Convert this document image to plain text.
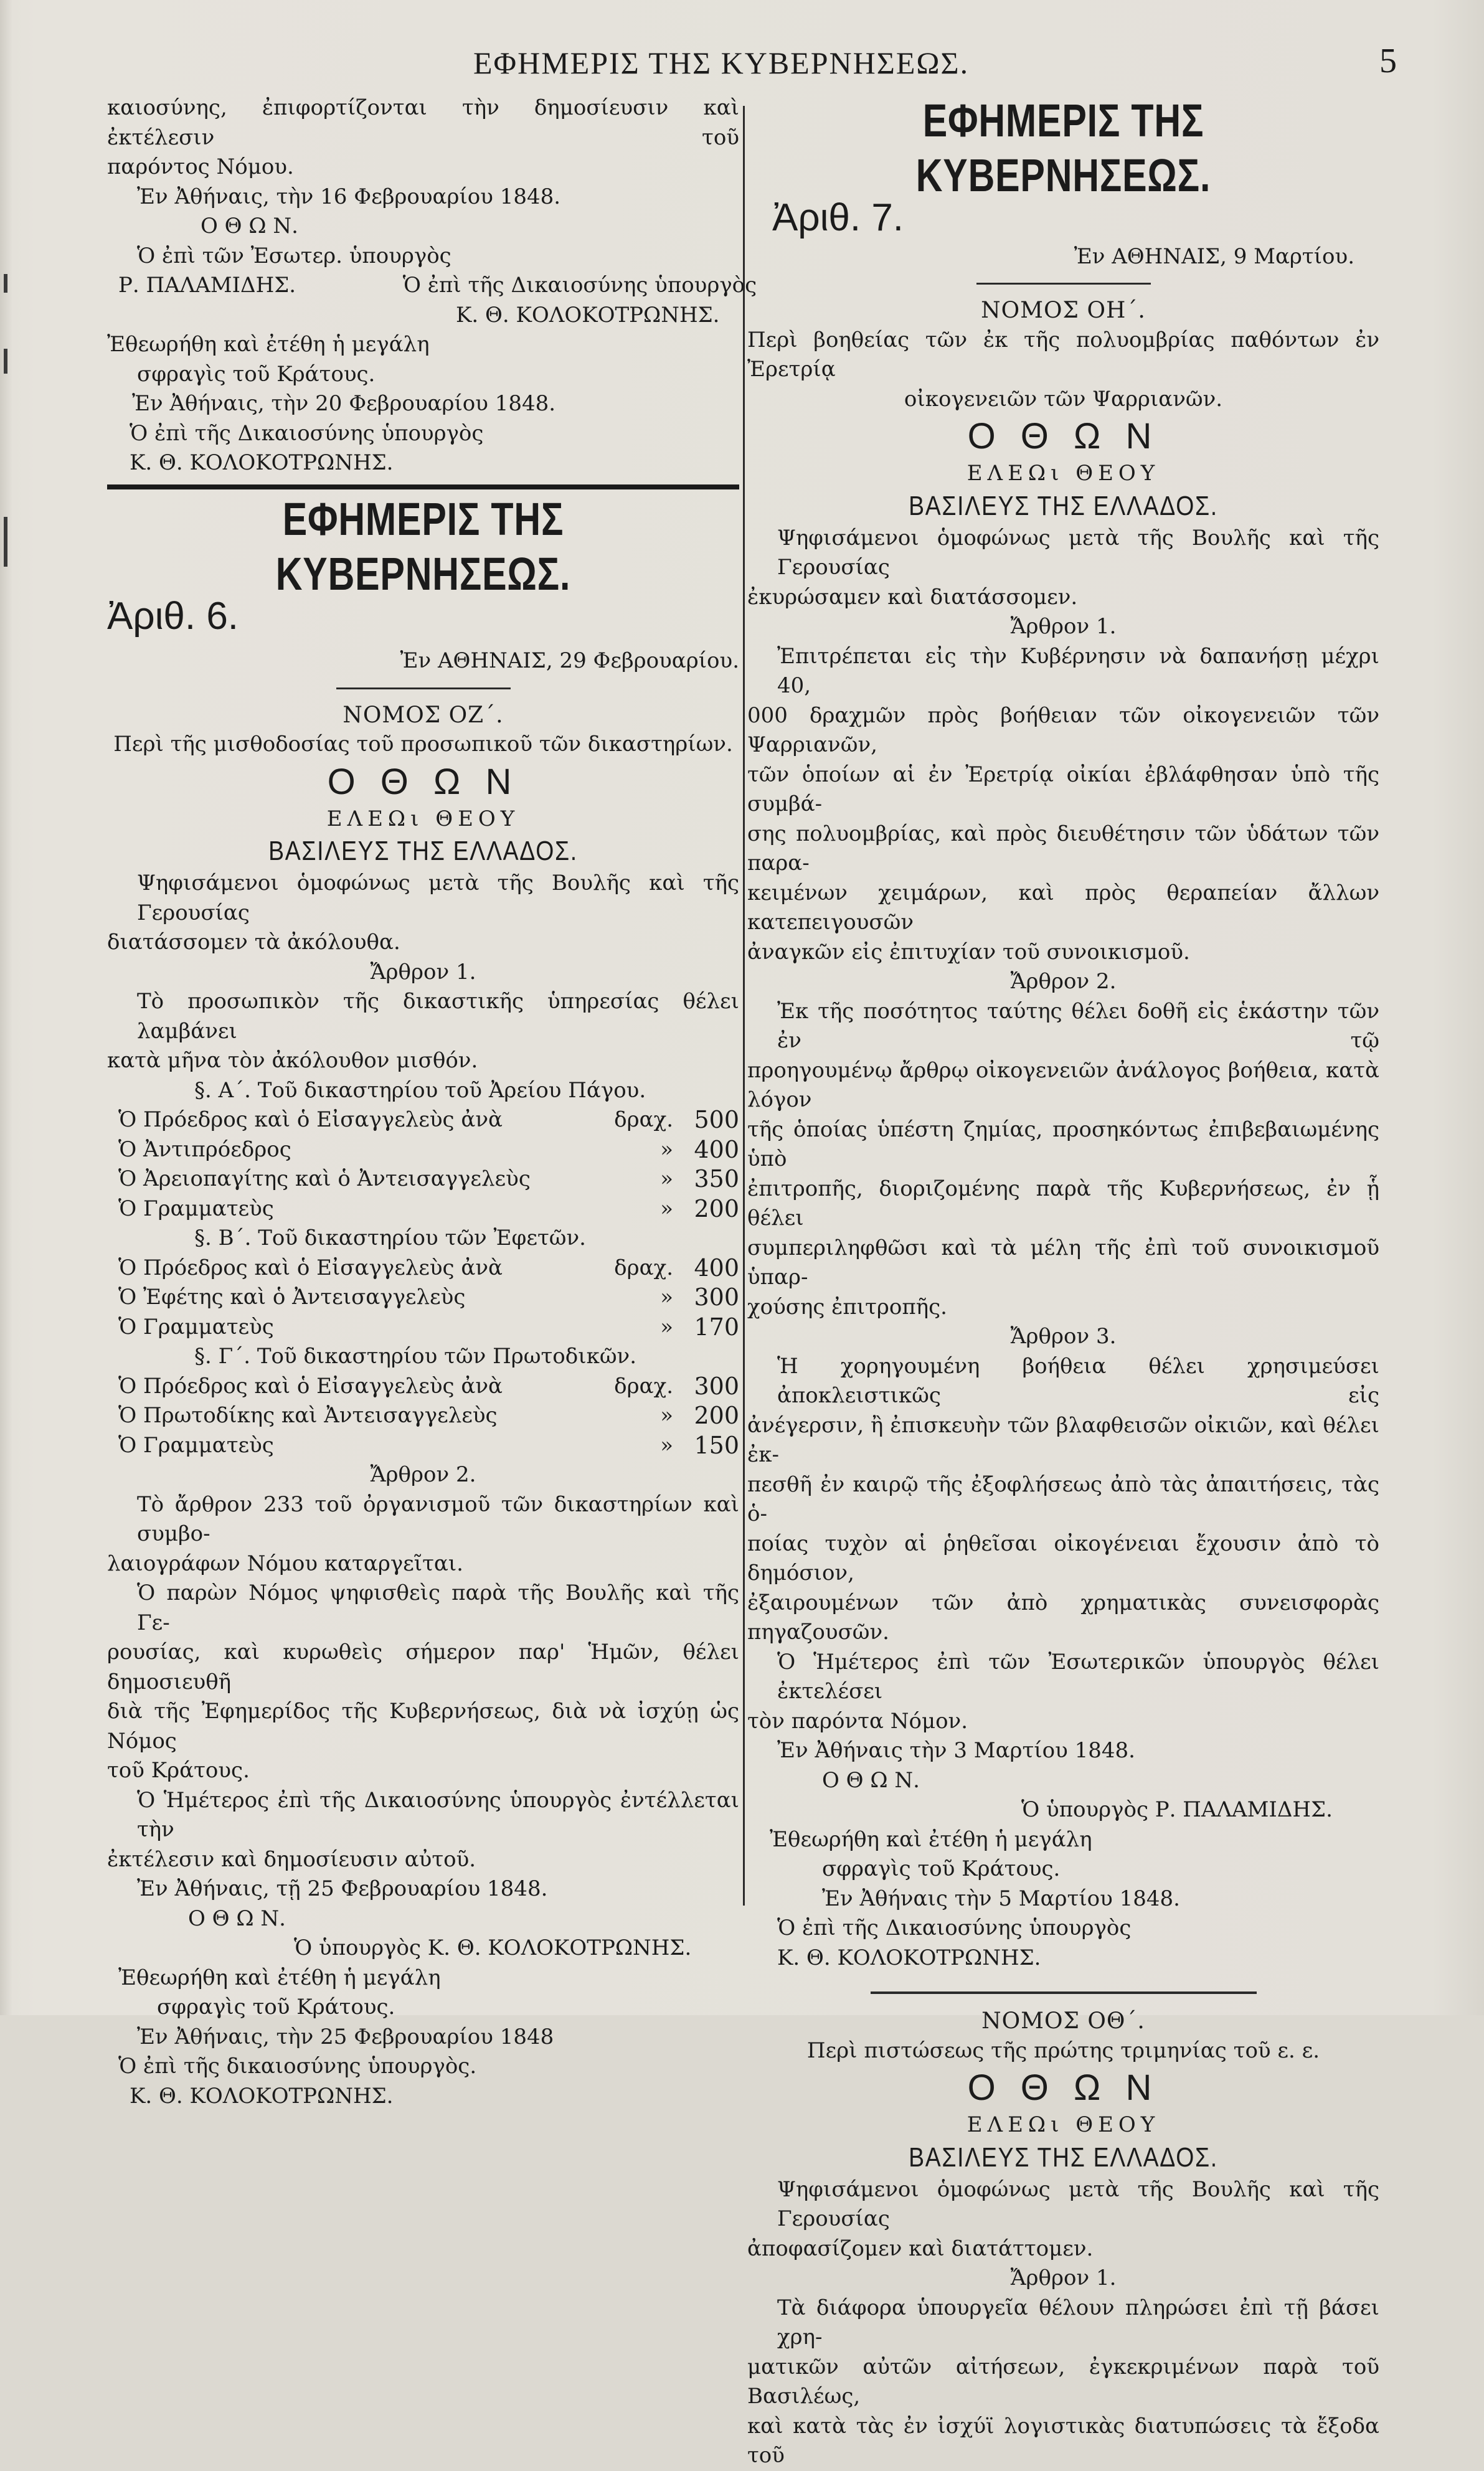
ΕΦΗΜΕΡΙΣ ΤΗΣ ΚΥΒΕΡΝΗΣΕΩΣ.	5
καιοσύνης, ἐπιφορτίζονται τὴν δημοσίευσιν καὶ ἐκτέλεσιν τοῦ
παρόντος Νόμου.
Ἐν Ἀθήναις, τὴν 16 Φεβρουαρίου 1848.
Ο Θ Ω Ν.
Ὁ ἐπὶ τῶν Ἐσωτερ. ὑπουργὸς
Ρ. ΠΑΛΑΜΙΔΗΣ.	Ὁ ἐπὶ τῆς Δικαιοσύνης ὑπουργὸς
Κ. Θ. ΚΟΛΟΚΟΤΡΩΝΗΣ.
Ἐθεωρήθη καὶ ἐτέθη ἡ μεγάλη
σφραγὶς τοῦ Κράτους.
Ἐν Ἀθήναις, τὴν 20 Φεβρουαρίου 1848.
Ὁ ἐπὶ τῆς Δικαιοσύνης ὑπουργὸς
Κ. Θ. ΚΟΛΟΚΟΤΡΩΝΗΣ.
ΕΦΗΜΕΡΙΣ ΤΗΣ ΚΥΒΕΡΝΗΣΕΩΣ.
Ἀριθ. 6.
Ἐν ΑΘΗΝΑΙΣ, 29 Φεβρουαρίου.
ΝΟΜΟΣ ΟΖ΄.
Περὶ τῆς μισθοδοσίας τοῦ προσωπικοῦ τῶν δικαστηρίων.
Ο Θ Ω Ν
ΕΛΕΩι ΘΕΟΥ
ΒΑΣΙΛΕΥΣ ΤΗΣ ΕΛΛΑΔΟΣ.
Ψηφισάμενοι ὁμοφώνως μετὰ τῆς Βουλῆς καὶ τῆς Γερουσίας
διατάσσομεν τὰ ἀκόλουθα.
Ἄρθρον 1.
Τὸ προσωπικὸν τῆς δικαστικῆς ὑπηρεσίας θέλει λαμβάνει
κατὰ μῆνα τὸν ἀκόλουθον μισθόν.
§. Α΄. Τοῦ δικαστηρίου τοῦ Ἀρείου Πάγου.
Ὁ Πρόεδρος καὶ ὁ Εἰσαγγελεὺς ἀνὰ	δραχ.	500
Ὁ Ἀντιπρόεδρος	»	400
Ὁ Ἀρειοπαγίτης καὶ ὁ Ἀντεισαγγελεὺς	»	350
Ὁ Γραμματεὺς	»	200
§. Β΄. Τοῦ δικαστηρίου τῶν Ἐφετῶν.
Ὁ Πρόεδρος καὶ ὁ Εἰσαγγελεὺς ἀνὰ	δραχ.	400
Ὁ Ἐφέτης καὶ ὁ Ἀντεισαγγελεὺς	»	300
Ὁ Γραμματεὺς	»	170
§. Γ΄. Τοῦ δικαστηρίου τῶν Πρωτοδικῶν.
Ὁ Πρόεδρος καὶ ὁ Εἰσαγγελεὺς ἀνὰ	δραχ.	300
Ὁ Πρωτοδίκης καὶ Ἀντεισαγγελεὺς	»	200
Ὁ Γραμματεὺς	»	150
Ἄρθρον 2.
Τὸ ἄρθρον 233 τοῦ ὀργανισμοῦ τῶν δικαστηρίων καὶ συμβο-
λαιογράφων Νόμου καταργεῖται.
Ὁ παρὼν Νόμος ψηφισθεὶς παρὰ τῆς Βουλῆς καὶ τῆς Γε-
ρουσίας, καὶ κυρωθεὶς σήμερον παρ' Ἡμῶν, θέλει δημοσιευθῆ
διὰ τῆς Ἐφημερίδος τῆς Κυβερνήσεως, διὰ νὰ ἰσχύῃ ὡς Νόμος
τοῦ Κράτους.
Ὁ Ἡμέτερος ἐπὶ τῆς Δικαιοσύνης ὑπουργὸς ἐντέλλεται τὴν
ἐκτέλεσιν καὶ δημοσίευσιν αὐτοῦ.
Ἐν Ἀθήναις, τῇ 25 Φεβρουαρίου 1848.
Ο Θ Ω Ν.
Ὁ ὑπουργὸς Κ. Θ. ΚΟΛΟΚΟΤΡΩΝΗΣ.
Ἐθεωρήθη καὶ ἐτέθη ἡ μεγάλη
σφραγὶς τοῦ Κράτους.
Ἐν Ἀθήναις, τὴν 25 Φεβρουαρίου 1848
Ὁ ἐπὶ τῆς δικαιοσύνης ὑπουργὸς.
Κ. Θ. ΚΟΛΟΚΟΤΡΩΝΗΣ.
ΕΦΗΜΕΡΙΣ ΤΗΣ ΚΥΒΕΡΝΗΣΕΩΣ.
Ἀριθ. 7.
Ἐν ΑΘΗΝΑΙΣ, 9 Μαρτίου.
ΝΟΜΟΣ ΟΗ΄.
Περὶ βοηθείας τῶν ἐκ τῆς πολυομβρίας παθόντων ἐν Ἐρετρίᾳ
οἰκογενειῶν τῶν Ψαρριανῶν.
Ο Θ Ω Ν
ΕΛΕΩι ΘΕΟΥ
ΒΑΣΙΛΕΥΣ ΤΗΣ ΕΛΛΑΔΟΣ.
Ψηφισάμενοι ὁμοφώνως μετὰ τῆς Βουλῆς καὶ τῆς Γερουσίας
ἐκυρώσαμεν καὶ διατάσσομεν.
Ἄρθρον 1.
Ἐπιτρέπεται εἰς τὴν Κυβέρνησιν νὰ δαπανήσῃ μέχρι 40,
000 δραχμῶν πρὸς βοήθειαν τῶν οἰκογενειῶν τῶν Ψαρριανῶν,
τῶν ὁποίων αἱ ἐν Ἐρετρίᾳ οἰκίαι ἐβλάφθησαν ὑπὸ τῆς συμβά-
σης πολυομβρίας, καὶ πρὸς διευθέτησιν τῶν ὑδάτων τῶν παρα-
κειμένων χειμάρων, καὶ πρὸς θεραπείαν ἄλλων κατεπειγουσῶν
ἀναγκῶν εἰς ἐπιτυχίαν τοῦ συνοικισμοῦ.
Ἄρθρον 2.
Ἐκ τῆς ποσότητος ταύτης θέλει δοθῆ εἰς ἑκάστην τῶν ἐν τῷ
προηγουμένῳ ἄρθρῳ οἰκογενειῶν ἀνάλογος βοήθεια, κατὰ λόγον
τῆς ὁποίας ὑπέστη ζημίας, προσηκόντως ἐπιβεβαιωμένης ὑπὸ
ἐπιτροπῆς, διοριζομένης παρὰ τῆς Κυβερνήσεως, ἐν ᾗ θέλει
συμπεριληφθῶσι καὶ τὰ μέλη τῆς ἐπὶ τοῦ συνοικισμοῦ ὑπαρ-
χούσης ἐπιτροπῆς.
Ἄρθρον 3.
Ἡ χορηγουμένη βοήθεια θέλει χρησιμεύσει ἀποκλειστικῶς εἰς
ἀνέγερσιν, ἢ ἐπισκευὴν τῶν βλαφθεισῶν οἰκιῶν, καὶ θέλει ἐκ-
πεσθῆ ἐν καιρῷ τῆς ἐξοφλήσεως ἀπὸ τὰς ἀπαιτήσεις, τὰς ὁ-
ποίας τυχὸν αἱ ῥηθεῖσαι οἰκογένειαι ἔχουσιν ἀπὸ τὸ δημόσιον,
ἐξαιρουμένων τῶν ἀπὸ χρηματικὰς συνεισφορὰς πηγαζουσῶν.
Ὁ Ἡμέτερος ἐπὶ τῶν Ἐσωτερικῶν ὑπουργὸς θέλει ἐκτελέσει
τὸν παρόντα Νόμον.
Ἐν Ἀθήναις τὴν 3 Μαρτίου 1848.
Ο Θ Ω Ν.
Ὁ ὑπουργὸς Ρ. ΠΑΛΑΜΙΔΗΣ.
Ἐθεωρήθη καὶ ἐτέθη ἡ μεγάλη
σφραγὶς τοῦ Κράτους.
Ἐν Ἀθήναις τὴν 5 Μαρτίου 1848.
Ὁ ἐπὶ τῆς Δικαιοσύνης ὑπουργὸς
Κ. Θ. ΚΟΛΟΚΟΤΡΩΝΗΣ.
ΝΟΜΟΣ ΟΘ΄.
Περὶ πιστώσεως τῆς πρώτης τριμηνίας τοῦ ε. ε.
Ο Θ Ω Ν
ΕΛΕΩι ΘΕΟΥ
ΒΑΣΙΛΕΥΣ ΤΗΣ ΕΛΛΑΔΟΣ.
Ψηφισάμενοι ὁμοφώνως μετὰ τῆς Βουλῆς καὶ τῆς Γερουσίας
ἀποφασίζομεν καὶ διατάττομεν.
Ἄρθρον 1.
Τὰ διάφορα ὑπουργεῖα θέλουν πληρώσει ἐπὶ τῇ βάσει χρη-
ματικῶν αὐτῶν αἰτήσεων, ἐγκεκριμένων παρὰ τοῦ Βασιλέως,
καὶ κατὰ τὰς ἐν ἰσχύϊ λογιστικὰς διατυπώσεις τὰ ἔξοδα τοῦ
